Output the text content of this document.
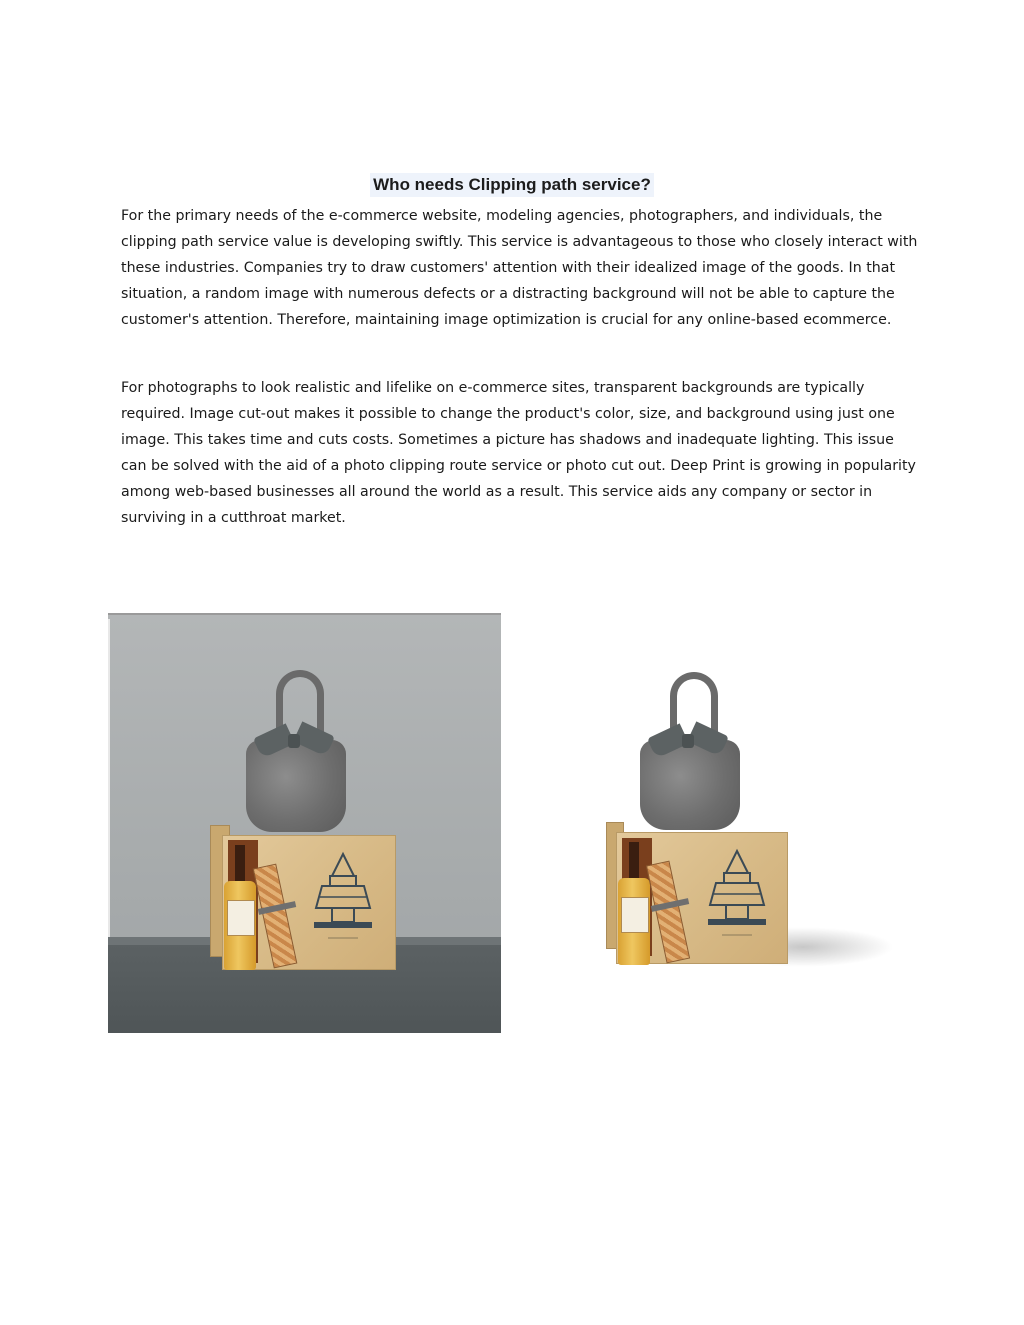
Who needs Clipping path service?

For the primary needs of the e-commerce website, modeling agencies, photographers, and individuals, the clipping path service value is developing swiftly. This service is advantageous to those who closely interact with these industries. Companies try to draw customers' attention with their idealized image of the goods. In that situation, a random image with numerous defects or a distracting background will not be able to capture the customer's attention. Therefore, maintaining image optimization is crucial for any online-based ecommerce.

For photographs to look realistic and lifelike on e-commerce sites, transparent backgrounds are typically required. Image cut-out makes it possible to change the product's color, size, and background using just one image. This takes time and cuts costs. Sometimes a picture has shadows and inadequate lighting. This issue can be solved with the aid of a photo clipping route service or photo cut out. Deep Print is growing in popularity among web-based businesses all around the world as a result. This service aids any company or sector in surviving in a cutthroat market.
